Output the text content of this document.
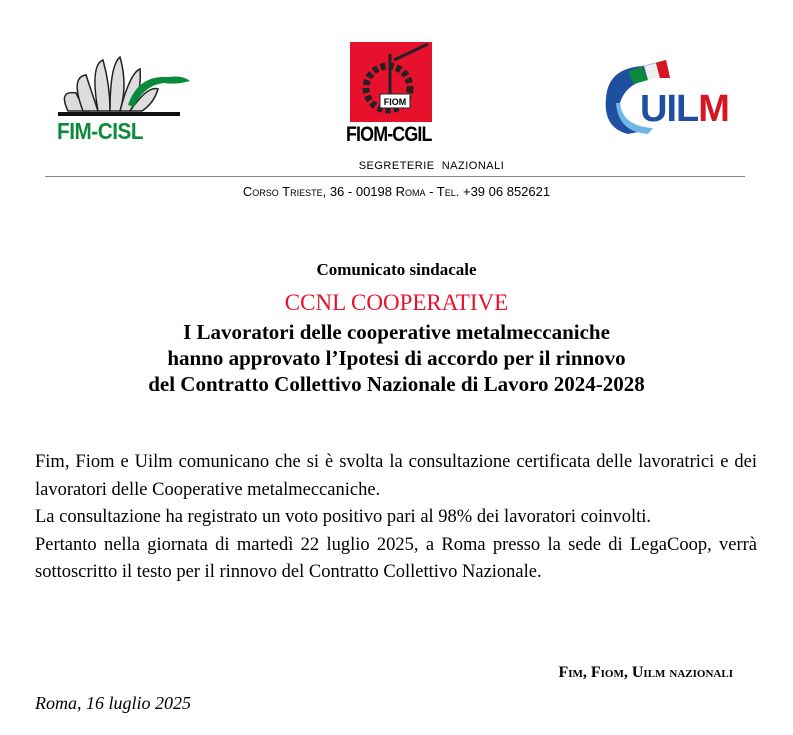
FIM-CISL
FIOM
FIOM-CGIL
UILM
SEGRETERIE  NAZIONALI
Corso Trieste, 36 - 00198 Roma - Tel. +39 06 852621
Comunicato sindacale
CCNL COOPERATIVE
I Lavoratori delle cooperative metalmeccaniche
hanno approvato l’Ipotesi di accordo per il rinnovo
del Contratto Collettivo Nazionale di Lavoro 2024-2028

Fim, Fiom e Uilm comunicano che si è svolta la consultazione certificata delle lavoratrici e dei lavoratori delle Cooperative metalmeccaniche.

La consultazione ha registrato un voto positivo pari al 98% dei lavoratori coinvolti.

Pertanto nella giornata di martedì 22 luglio 2025, a Roma presso la sede di LegaCoop, verrà sottoscritto il testo per il rinnovo del Contratto Collettivo Nazionale.

Fim, Fiom, Uilm nazionali
Roma, 16 luglio 2025
